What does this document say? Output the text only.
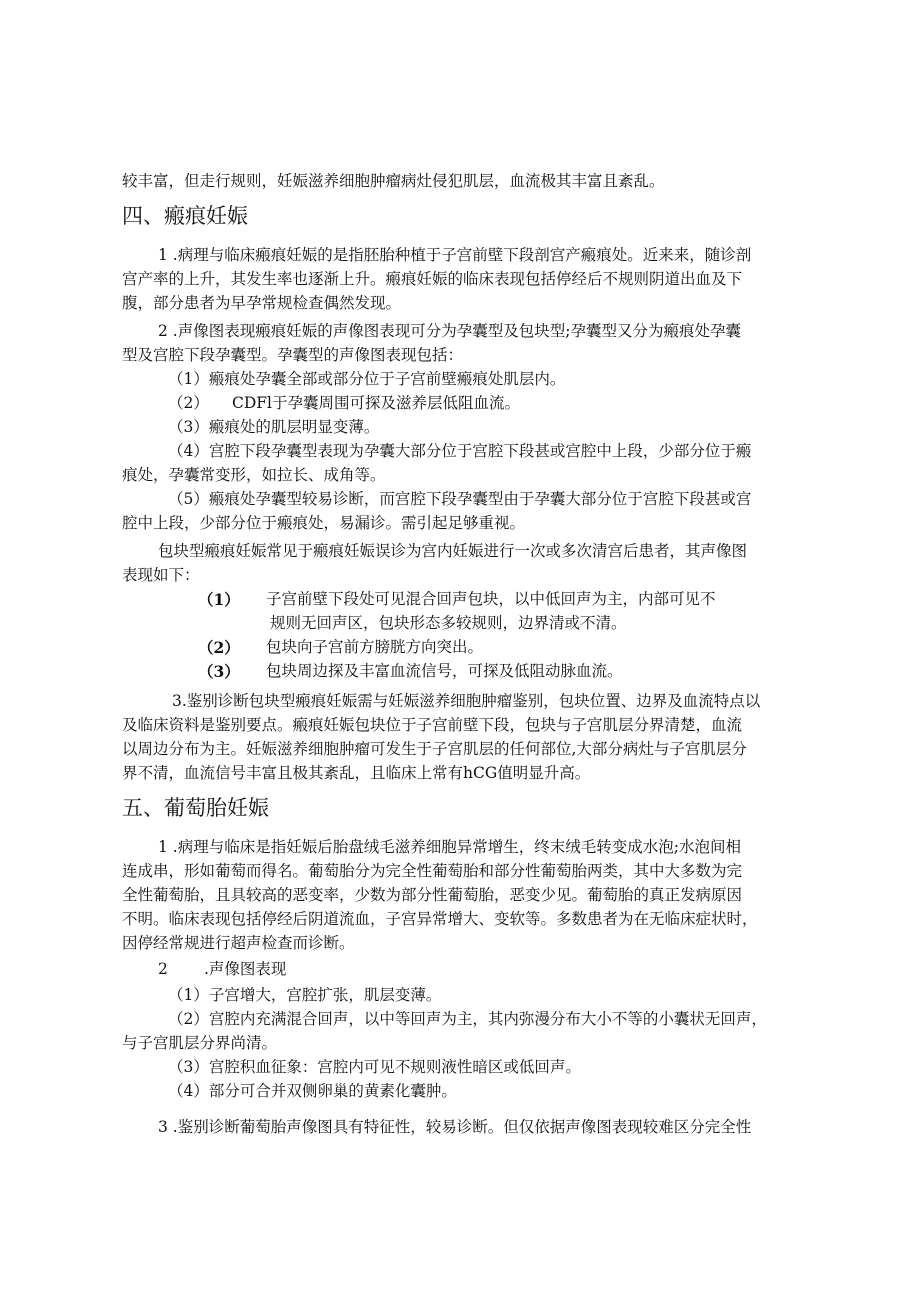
较丰富，但走行规则，妊娠滋养细胞肿瘤病灶侵犯肌层，血流极其丰富且紊乱。
四、瘢痕妊娠
1 .病理与临床瘢痕妊娠的是指胚胎种植于子宫前壁下段剖宫产瘢痕处。近来来，随诊剖
宫产率的上升，其发生率也逐渐上升。瘢痕妊娠的临床表现包括停经后不规则阴道出血及下
腹，部分患者为早孕常规检查偶然发现。
2 .声像图表现瘢痕妊娠的声像图表现可分为孕囊型及包块型;孕囊型又分为瘢痕处孕囊
型及宫腔下段孕囊型。孕囊型的声像图表现包括：
（1）瘢痕处孕囊全部或部分位于子宫前壁瘢痕处肌层内。
（2）	CDFl于孕囊周围可探及滋养层低阻血流。
（3）瘢痕处的肌层明显变薄。
（4）宫腔下段孕囊型表现为孕囊大部分位于宫腔下段甚或宫腔中上段，少部分位于瘢
痕处，孕囊常变形，如拉长、成角等。
（5）瘢痕处孕囊型较易诊断，而宫腔下段孕囊型由于孕囊大部分位于宫腔下段甚或宫
腔中上段，少部分位于瘢痕处，易漏诊。需引起足够重视。
包块型瘢痕妊娠常见于瘢痕妊娠误诊为宫内妊娠进行一次或多次清宫后患者，其声像图
表现如下：
（1）	子宫前壁下段处可见混合回声包块，以中低回声为主，内部可见不
规则无回声区，包块形态多较规则，边界清或不清。
（2）	包块向子宫前方膀胱方向突出。
（3）	包块周边探及丰富血流信号，可探及低阻动脉血流。
3.鉴别诊断包块型瘢痕妊娠需与妊娠滋养细胞肿瘤鉴别，包块位置、边界及血流特点以
及临床资料是鉴别要点。瘢痕妊娠包块位于子宫前壁下段，包块与子宫肌层分界清楚，血流
以周边分布为主。妊娠滋养细胞肿瘤可发生于子宫肌层的任何部位,大部分病灶与子宫肌层分
界不清，血流信号丰富且极其紊乱，且临床上常有hCG值明显升高。
五、葡萄胎妊娠
1 .病理与临床是指妊娠后胎盘绒毛滋养细胞异常增生，终末绒毛转变成水泡;水泡间相
连成串，形如葡萄而得名。葡萄胎分为完全性葡萄胎和部分性葡萄胎两类，其中大多数为完
全性葡萄胎，且具较高的恶变率，少数为部分性葡萄胎，恶变少见。葡萄胎的真正发病原因
不明。临床表现包括停经后阴道流血，子宫异常增大、变软等。多数患者为在无临床症状时，
因停经常规进行超声检查而诊断。
2	.声像图表现
（1）子宫增大，宫腔扩张，肌层变薄。
（2）宫腔内充满混合回声，以中等回声为主，其内弥漫分布大小不等的小囊状无回声，
与子宫肌层分界尚清。
（3）宫腔积血征象：宫腔内可见不规则液性暗区或低回声。
（4）部分可合并双侧卵巢的黄素化囊肿。
3 .鉴别诊断葡萄胎声像图具有特征性，较易诊断。但仅依据声像图表现较难区分完全性
